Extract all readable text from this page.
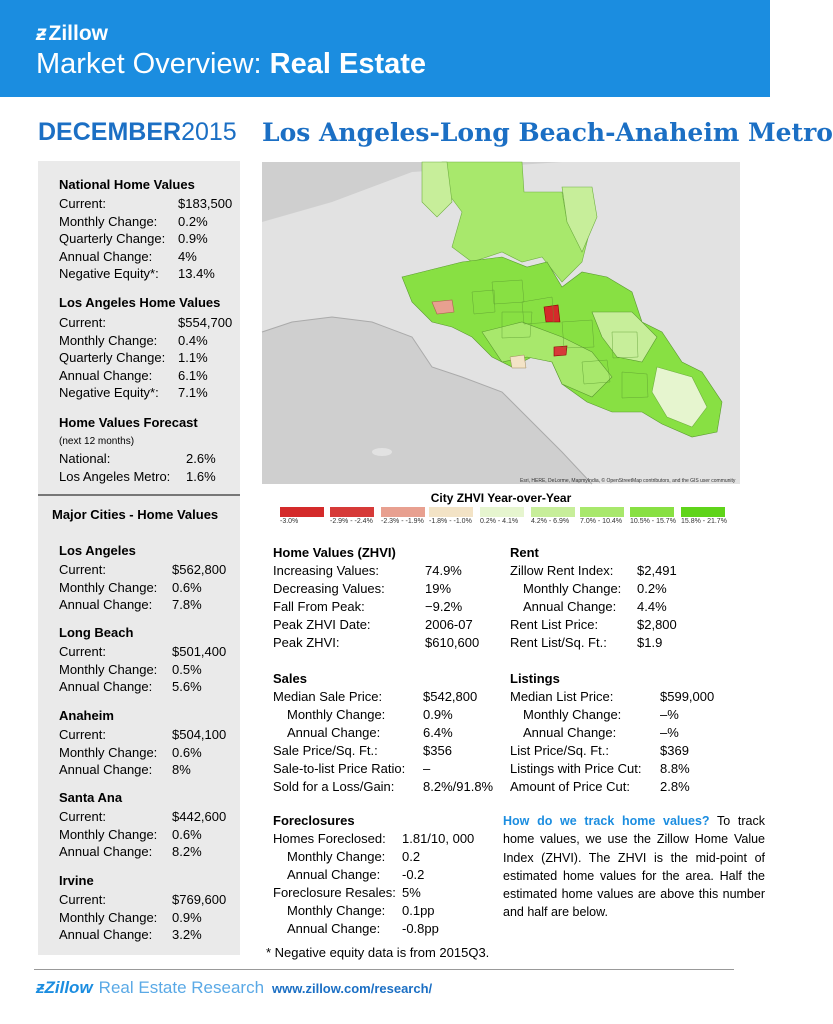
ƶZillow
Market Overview: Real Estate
DECEMBER2015 Los Angeles-Long Beach-Anaheim Metro
National Home Values
Current:	$183,500
Monthly Change: 0.2%
Quarterly Change: 0.9%
Annual Change: 4%
Negative Equity*: 13.4%
Los Angeles Home Values
Current:	$554,700
Monthly Change: 0.4%
Quarterly Change: 1.1%
Annual Change: 6.1%
Negative Equity*: 7.1%
Home Values Forecast
(next 12 months)
National:	2.6%
Los Angeles Metro: 1.6%
Major Cities - Home Values
Los Angeles
Current:	$562,800
Monthly Change: 0.6%
Annual Change: 7.8%
Long Beach
Current:	$501,400
Monthly Change: 0.5%
Annual Change: 5.6%
Anaheim
Current:	$504,100
Monthly Change: 0.6%
Annual Change: 8%
Santa Ana
Current:	$442,600
Monthly Change: 0.6%
Annual Change: 8.2%
Irvine
Current:	$769,600
Monthly Change: 0.9%
Annual Change: 3.2%
Esri, HERE, DeLorme, MapmyIndia, © OpenStreetMap contributors, and the GIS user community
City ZHVI Year-over-Year
-3.0%	-2.9% - -2.4% -2.3% - -1.9% -1.8% - -1.0% 0.2% - 4.1% 4.2% - 6.9% 7.0% - 10.4% 10.5% - 15.7% 15.8% - 21.7%
Home Values (ZHVI)
Increasing Values:	74.9%
Decreasing Values:	19%
Fall From Peak:	−9.2%
Peak ZHVI Date:	2006-07
Peak ZHVI:	$610,600
Rent
Zillow Rent Index: $2,491
Monthly Change: 0.2%
Annual Change: 4.4%
Rent List Price:	$2,800
Rent List/Sq. Ft.: $1.9
Sales
Median Sale Price:	$542,800
Monthly Change:	0.9%
Annual Change:	6.4%
Sale Price/Sq. Ft.:	$356
Sale-to-list Price Ratio: –
Sold for a Loss/Gain: 8.2%/91.8%
Listings
Median List Price:	$599,000
Monthly Change:	–%
Annual Change:	–%
List Price/Sq. Ft.:	$369
Listings with Price Cut: 8.8%
Amount of Price Cut: 2.8%
Foreclosures
Homes Foreclosed: 1.81/10, 000
Monthly Change: 0.2
Annual Change: -0.2
Foreclosure Resales: 5%
Monthly Change: 0.1pp
Annual Change: -0.8pp
How do we track home values? To track home values, we use the Zillow Home Value Index (ZHVI). The ZHVI is the mid-point of estimated home values for the area. Half the estimated home values are above this number and half are below.
* Negative equity data is from 2015Q3.
ƶZillow Real Estate Research www.zillow.com/research/
